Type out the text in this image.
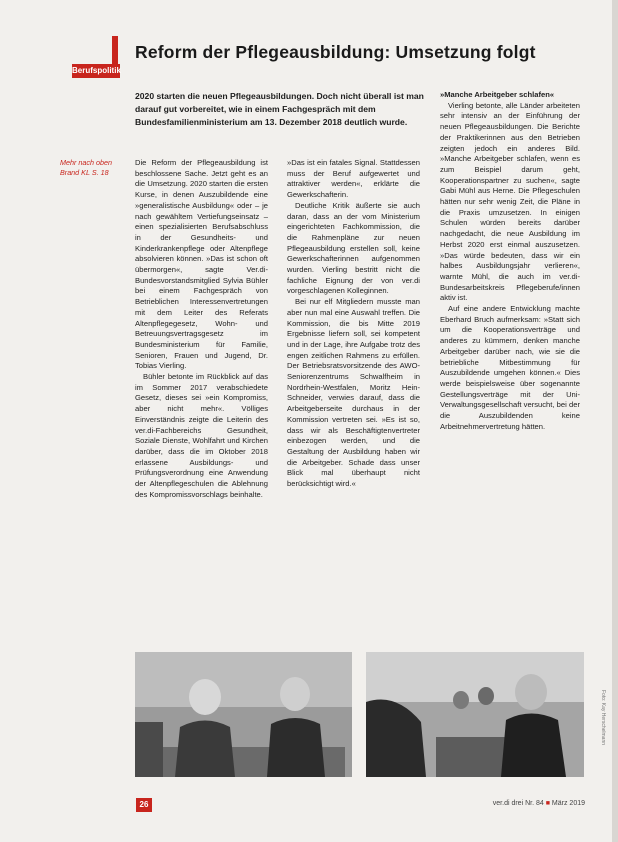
Berufspolitik
Reform der Pflegeausbildung: Umsetzung folgt
2020 starten die neuen Pflegeausbildungen. Doch nicht überall ist man darauf gut vorbereitet, wie in einem Fachgespräch mit dem Bundesfamilienministerium am 13. Dezember 2018 deutlich wurde.
Mehr nach oben Brand KL S. 18

Die Reform der Pflegeausbildung ist beschlossene Sache. Jetzt geht es an die Umsetzung. 2020 starten die ersten Kurse, in denen Auszubildende eine »generalistische Ausbildung« oder – je nach gewähltem Vertiefungseinsatz – einen spezialisierten Berufsabschluss in der Gesundheits- und Kinderkrankenpflege oder Altenpflege absolvieren können. »Das ist schon oft übermorgen«, sagte Ver.di-Bundesvorstandsmitglied Sylvia Bühler bei einem Fachgespräch von Betrieblichen Interessenvertretungen mit dem Leiter des Referats Altenpflegegesetz, Wohn- und Betreuungsvertragsgesetz im Bundesministerium für Familie, Senioren, Frauen und Jugend, Dr. Tobias Vierling.

Bühler betonte im Rückblick auf das im Sommer 2017 verabschiedete Gesetz, dieses sei »ein Kompromiss, aber nicht mehr«. Völliges Einverständnis zeigte die Leiterin des ver.di-Fachbereichs Gesundheit, Soziale Dienste, Wohlfahrt und Kirchen darüber, dass die im Oktober 2018 erlassene Ausbildungs- und Prüfungsverordnung eine Anwendung der Altenpflegeschulen die Ablehnung des Kompromissvorschlags beinhalte.

»Das ist ein fatales Signal. Stattdessen muss der Beruf aufgewertet und attraktiver werden«, erklärte die Gewerkschafterin.

Deutliche Kritik äußerte sie auch daran, dass an der vom Ministerium eingerichteten Fachkommission, die die Rahmenpläne zur neuen Pflegeausbildung erstellen soll, keine Gewerkschafterinnen aufgenommen wurden. Vierling bestritt nicht die fachliche Eignung der von ver.di vorgeschlagenen Kolleginnen.

Bei nur elf Mitgliedern musste man aber nun mal eine Auswahl treffen. Die Kommission, die bis Mitte 2019 Ergebnisse liefern soll, sei kompetent und in der Lage, ihre Aufgabe trotz des engen zeitlichen Rahmens zu erfüllen. Der Betriebsratsvorsitzende des AWO-Seniorenzentrums Schwalfheim in Nordrhein-Westfalen, Moritz Hein-Schneider, verwies darauf, dass die Arbeitgeberseite durchaus in der Kommission vertreten sei. »Es ist so, dass wir als Beschäftigtenvertreter einbezogen werden, und die Gestaltung der Ausbildung haben wir die Arbeitgeber. Schade dass unser Blick mal überhaupt nicht berücksichtigt wird.«

»Manche Arbeitgeber schlafen«

Vierling betonte, alle Länder arbeiteten sehr intensiv an der Einführung der neuen Pflegeausbildungen. Die Berichte der Praktikerinnen aus den Betrieben zeigten jedoch ein anderes Bild. »Manche Arbeitgeber schlafen, wenn es zum Beispiel darum geht, Kooperationspartner zu suchen«, sagte Gabi Mühl aus Herne. Die Pflegeschulen hätten nur sehr wenig Zeit, die Pläne in die Praxis umzusetzen. In einigen Schulen würden bereits darüber nachgedacht, die neue Ausbildung im Herbst 2020 erst einmal auszusetzen. »Das würde bedeuten, dass wir ein halbes Ausbildungsjahr verlieren«, warnte Mühl, die auch im ver.di-Bundesarbeitskreis Pflegeberufe/innen aktiv ist.

Auf eine andere Entwicklung machte Eberhard Bruch aufmerksam: »Statt sich um die Kooperationsverträge und anderes zu kümmern, denken manche Arbeitgeber darüber nach, wie sie die betriebliche Mitbestimmung für Auszubildende umgehen können.« Dies werde beispielsweise über sogenannte Gestellungsverträge mit der Uni-Verwaltungsgesellschaft versucht, bei der die Auszubildenden keine Arbeitnehmervertretung hätten.

Foto: Kay Herschelmann
26	ver.di drei Nr. 84 ■ März 2019
